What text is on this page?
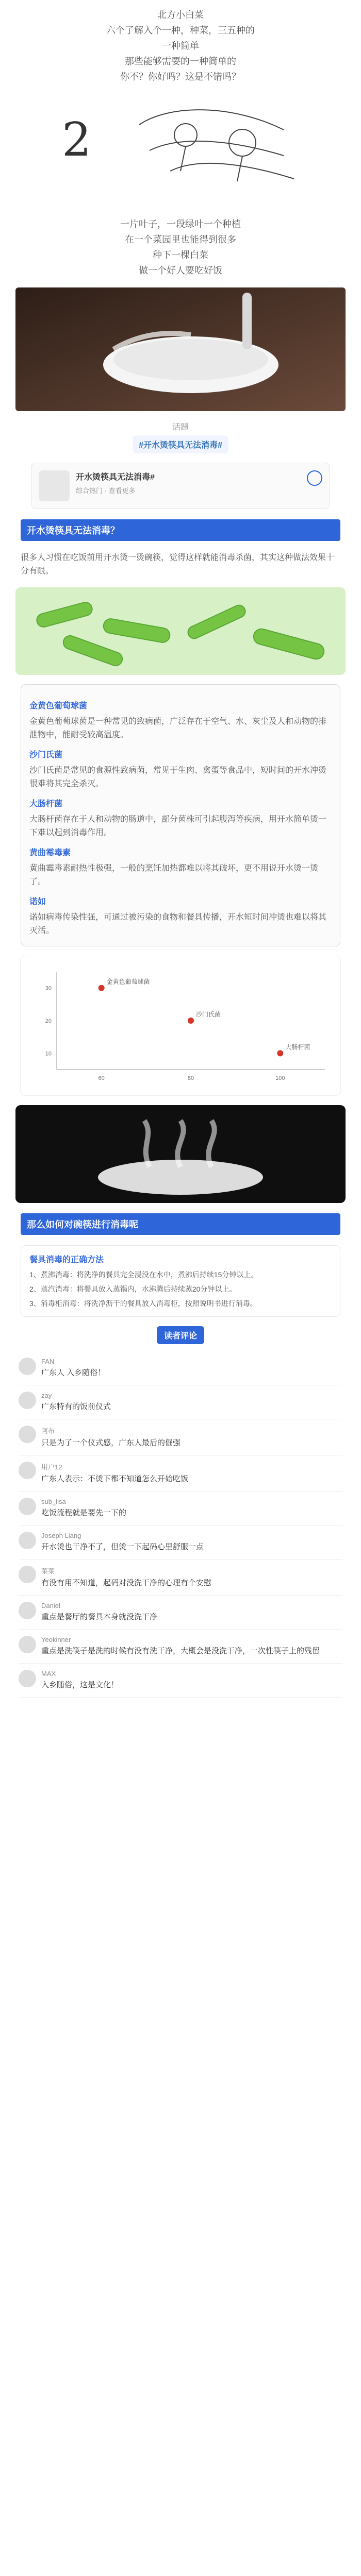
北方小白菜

六个了解入个一种，种菜，三五种的

一种简单

那些能够需要的一种简单的

你不？你好吗？这是不错吗？

2

一片叶子，一段绿叶一个种植

在一个菜园里也能得到很多

种下一棵白菜

做一个好人要吃好饭

话题
#开水烫筷具无法消毒#
开水烫筷具无法消毒#
综合热门 · 查看更多
开水烫筷具无法消毒？
很多人习惯在吃饭前用开水烫一烫碗筷，觉得这样就能消毒杀菌，其实这种做法效果十分有限。
金黄色葡萄球菌
金黄色葡萄球菌是一种常见的致病菌，广泛存在于空气、水、灰尘及人和动物的排泄物中，能耐受较高温度。
沙门氏菌
沙门氏菌是常见的食源性致病菌，常见于生肉、禽蛋等食品中，短时间的开水冲烫很难将其完全杀灭。
大肠杆菌
大肠杆菌存在于人和动物的肠道中，部分菌株可引起腹泻等疾病，用开水简单烫一下难以起到消毒作用。
黄曲霉毒素
黄曲霉毒素耐热性极强，一般的烹饪加热都难以将其破坏，更不用说开水烫一烫了。
诺如
诺如病毒传染性强，可通过被污染的食物和餐具传播，开水短时间冲烫也难以将其灭活。
金黄色葡萄球菌
60
30
沙门氏菌
80
20
大肠杆菌
100
10
那么如何对碗筷进行消毒呢
餐具消毒的正确方法
1、煮沸消毒：将洗净的餐具完全浸没在水中，煮沸后持续15分钟以上。
2、蒸汽消毒：将餐具放入蒸锅内，水沸腾后持续蒸20分钟以上。
3、消毒柜消毒：将洗净沥干的餐具放入消毒柜，按照说明书进行消毒。
读者评论
FAN
广东人 入乡随俗！
zay
广东特有的饭前仪式
阿布
只是为了一个仪式感，广东人最后的倔强
用户12
广东人表示：不烫下都不知道怎么开始吃饭
sub_lisa
吃饭流程就是要先一下的
Joseph Liang
开水烫也干净不了，但烫一下起码心里舒服一点
菜菜
有没有用不知道，起码对没洗干净的心理有个安慰
Daniel
重点是餐厅的餐具本身就没洗干净
Yeokinner
重点是洗筷子是洗的时候有没有洗干净，大概会是没洗干净，一次性筷子上的残留
MAX
入乡随俗，这是文化！
